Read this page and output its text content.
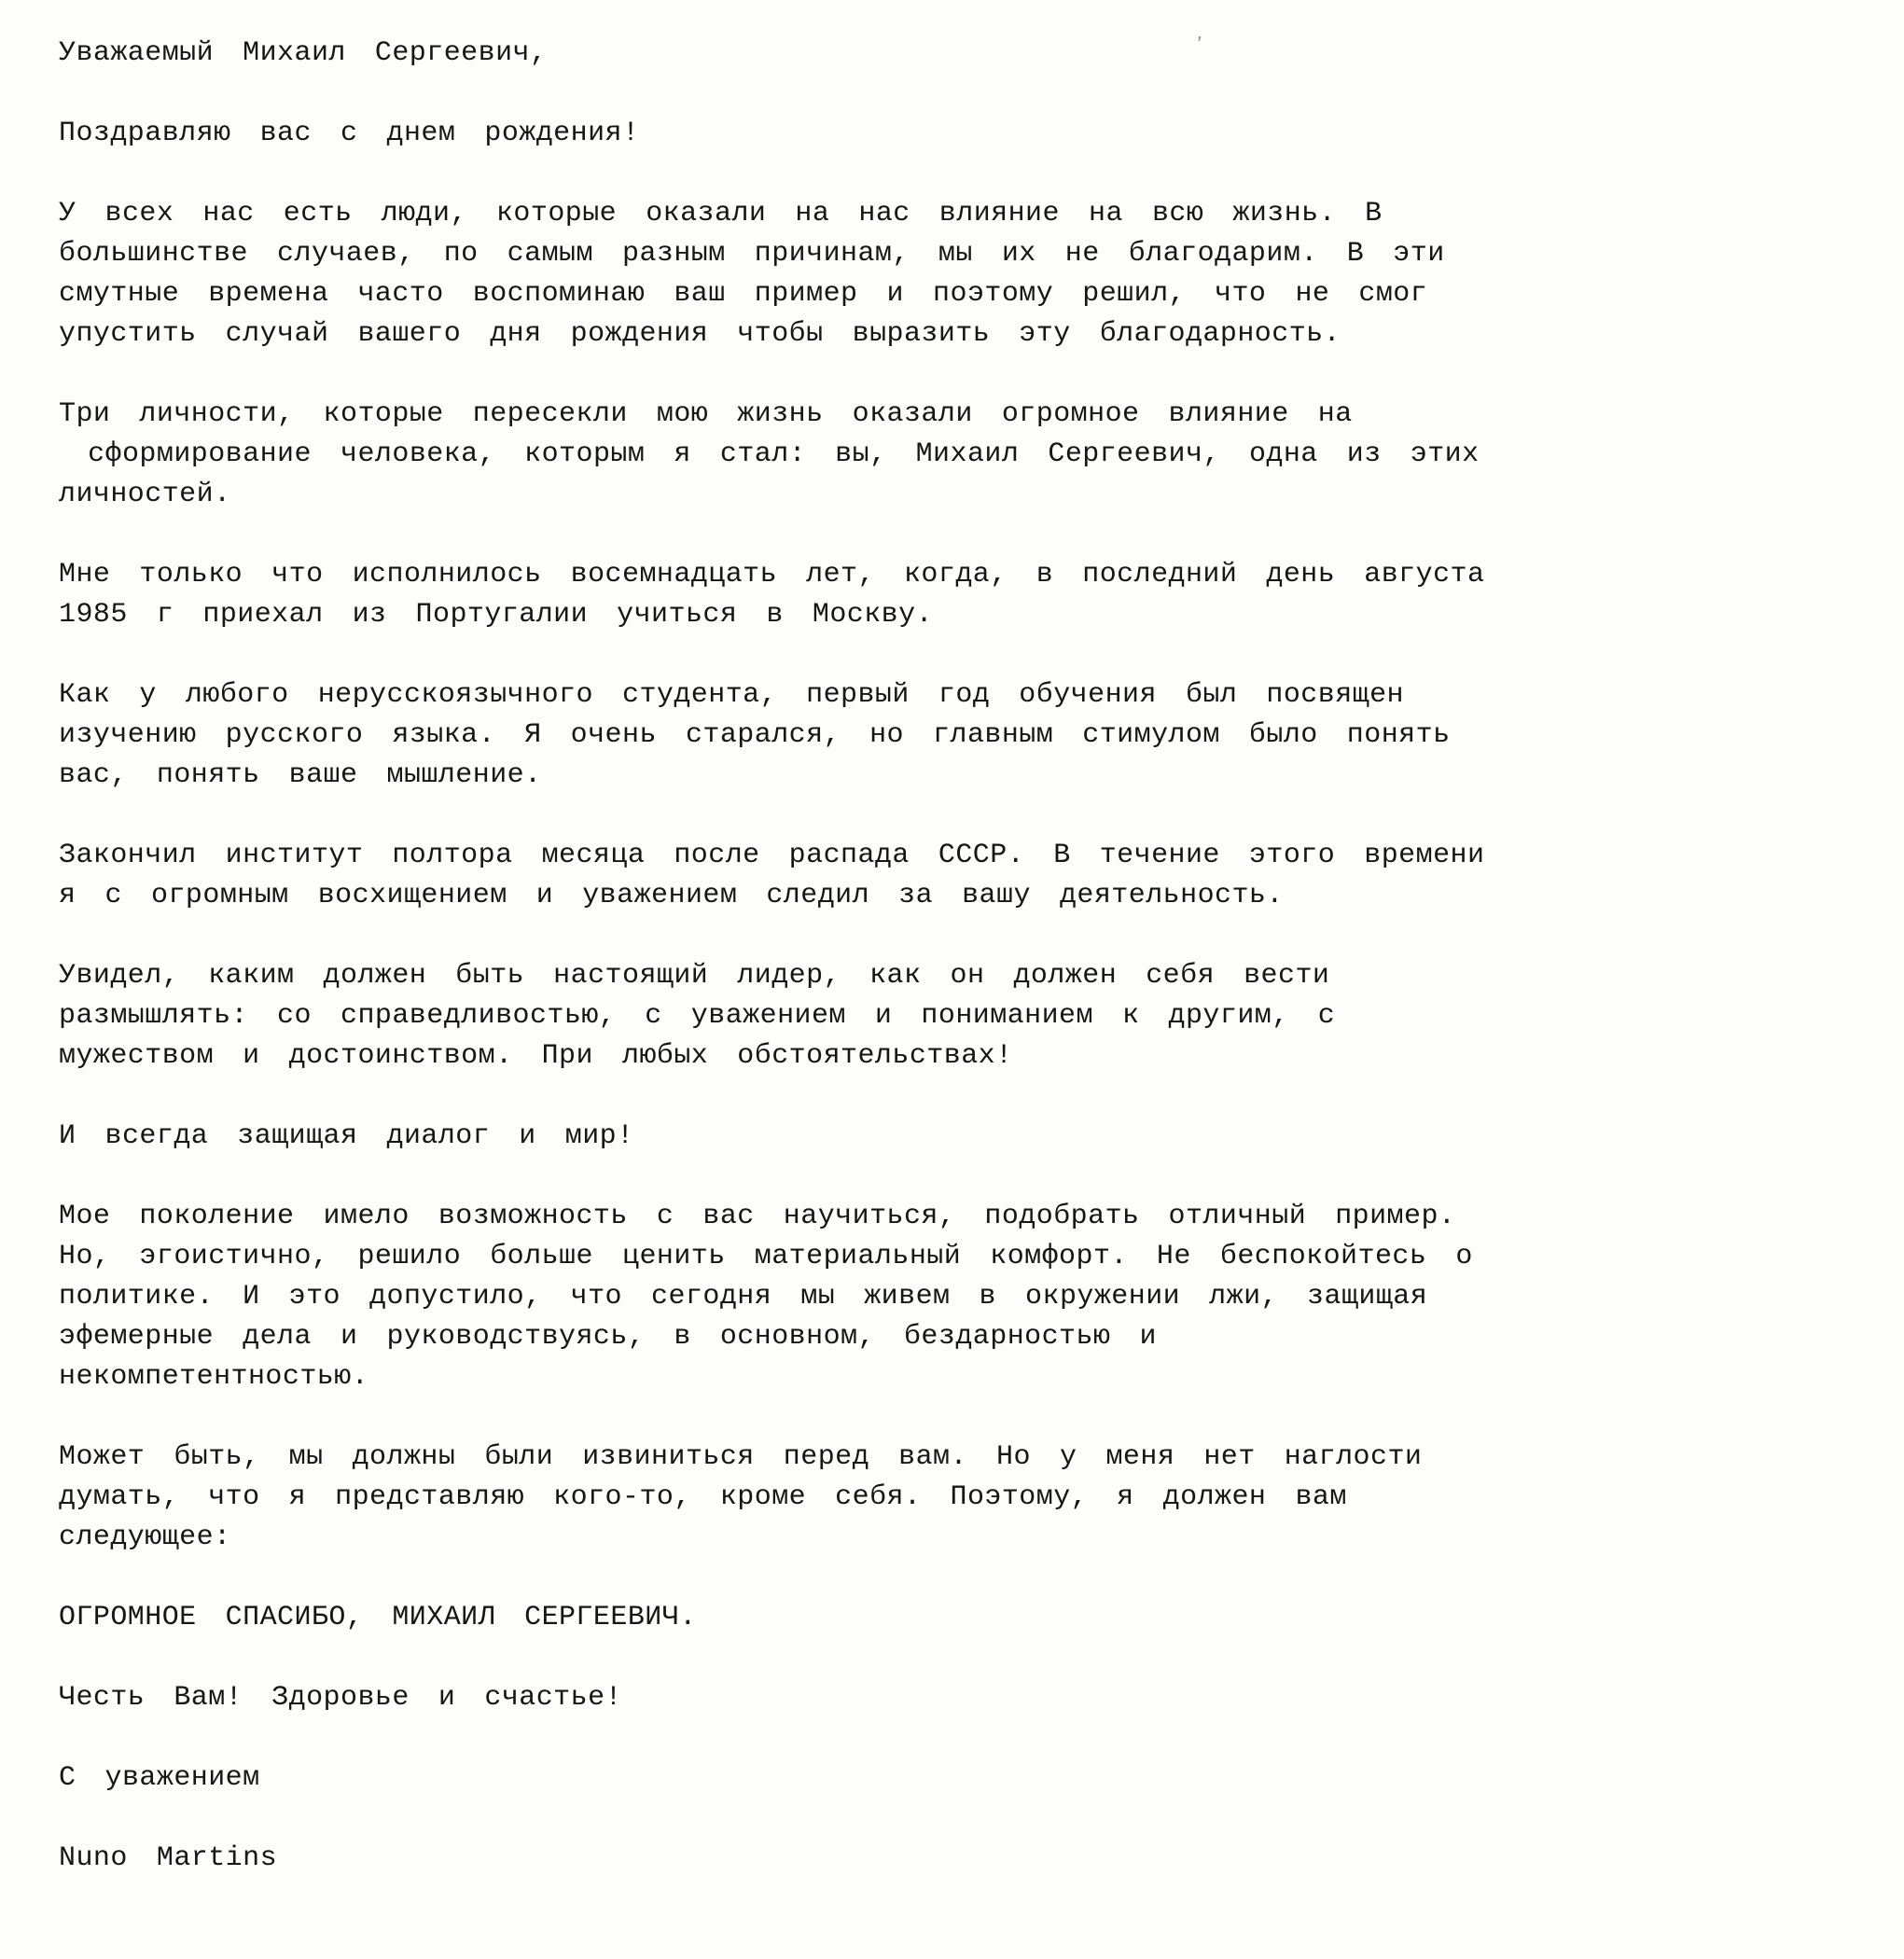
ʼ

Уважаемый Михаил Сергеевич,

Поздравляю вас с днем рождения!

У всех нас есть люди, которые оказали на нас влияние на всю жизнь. В
большинстве случаев, по самым разным причинам, мы их не благодарим. В эти
смутные времена часто воспоминаю ваш пример и поэтому решил, что не смог
упустить случай вашего дня рождения чтобы выразить эту благодарность.

Три личности, которые пересекли мою жизнь оказали огромное влияние на
сформирование человека, которым я стал: вы, Михаил Сергеевич, одна из этих
личностей.

Мне только что исполнилось восемнадцать лет, когда, в последний день августа
1985 г приехал из Португалии учиться в Москву.

Как у любого нерусскоязычного студента, первый год обучения был посвящен
изучению русского языка. Я очень старался, но главным стимулом было понять
вас, понять ваше мышление.

Закончил институт полтора месяца после распада СССР. В течение этого времени
я с огромным восхищением и уважением следил за вашу деятельность.

Увидел, каким должен быть настоящий лидер, как он должен себя вести
размышлять: со справедливостью, с уважением и пониманием к другим, с
мужеством и достоинством. При любых обстоятельствах!

И всегда защищая диалог и мир!

Мое поколение имело возможность с вас научиться, подобрать отличный пример.
Но, эгоистично, решило больше ценить материальный комфорт. Не беспокойтесь о
политике. И это допустило, что сегодня мы живем в окружении лжи, защищая
эфемерные дела и руководствуясь, в основном, бездарностью и
некомпетентностью.

Может быть, мы должны были извиниться перед вам. Но у меня нет наглости
думать, что я представляю кого-то, кроме себя. Поэтому, я должен вам
следующее:

ОГРОМНОЕ СПАСИБО, МИХАИЛ СЕРГЕЕВИЧ.

Честь Вам! Здоровье и счастье!

С уважением

Nuno Martins
